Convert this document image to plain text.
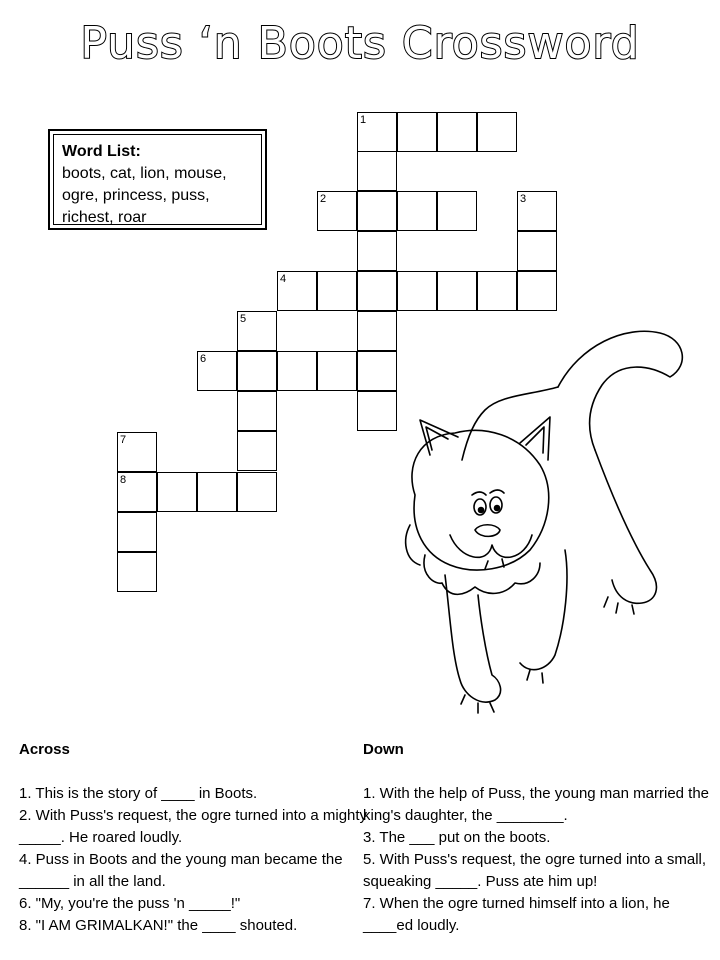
Puss ‘n Boots Crossword
Word List:
boots, cat, lion, mouse,
ogre, princess, puss,
richest, roar
1
2	3
4
5
6
7
8
Across

1. This is the story of ____ in Boots.

2. With Puss's request, the ogre turned into a mighty _____. He roared loudly.

4. Puss in Boots and the young man became the ______ in all the land.

6. "My, you're the puss 'n _____!"

8. "I AM GRIMALKAN!" the ____ shouted.

Down

1. With the help of Puss, the young man married the king's daughter, the ________.

3. The ___ put on the boots.

5. With Puss's request, the ogre turned into a small, squeaking _____. Puss ate him up!

7. When the ogre turned himself into a lion, he ____ed loudly.
